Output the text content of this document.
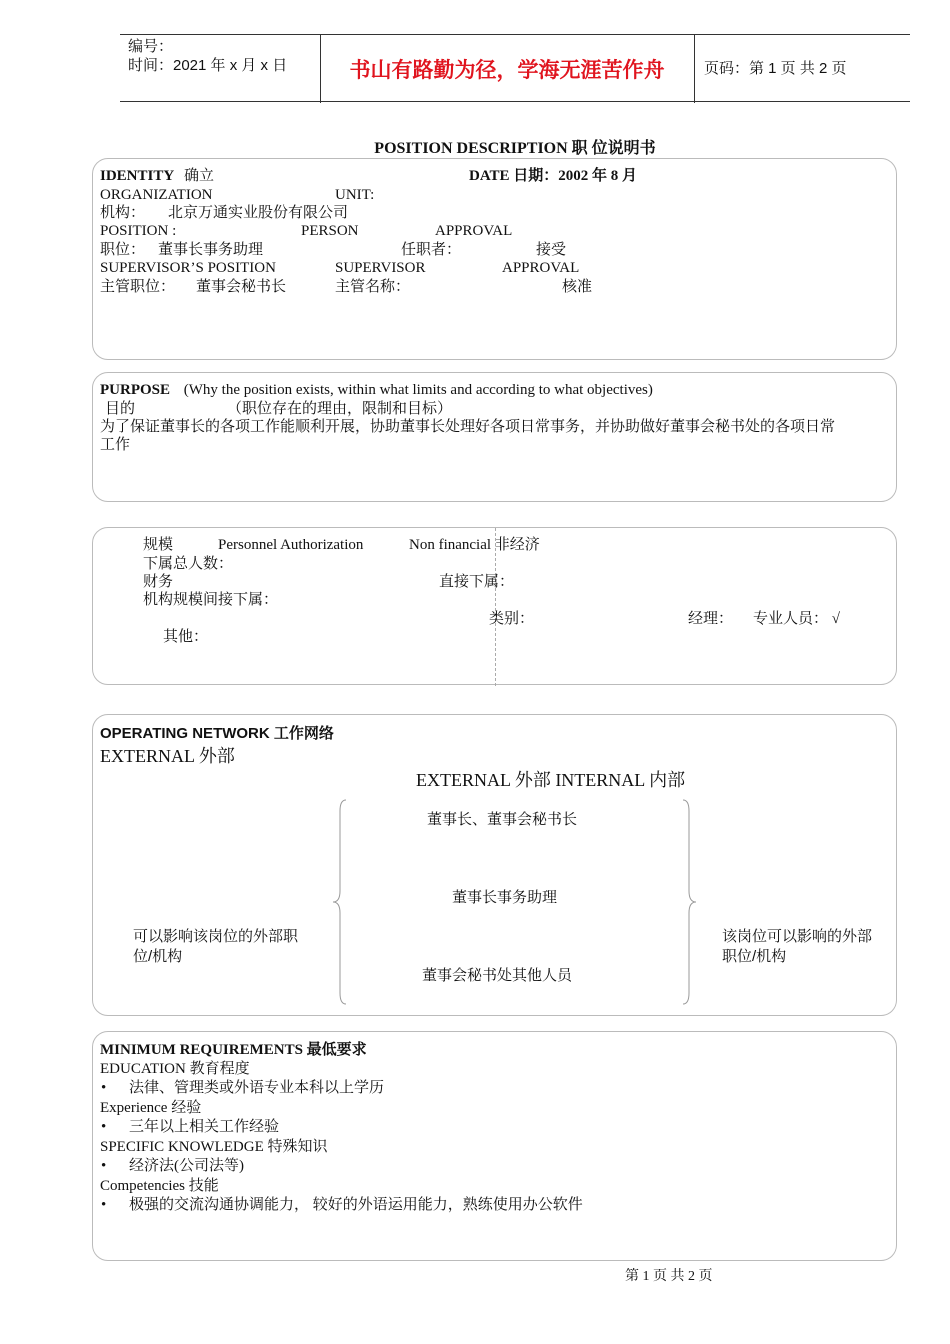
编号：
时间：2021 年 x 月 x 日	书山有路勤为径，学海无涯苦作舟	页码：第 1 页 共 2 页
POSITION DESCRIPTION 职 位说明书
IDENTITY 确立	DATE 日期：2002 年 8 月
ORGANIZATION	UNIT:
机构： 北京万通实业股份有限公司
POSITION :	PERSON	APPROVAL
职位： 董事长事务助理	任职者：	接受
SUPERVISOR’S POSITION	SUPERVISOR	APPROVAL
主管职位： 董事会秘书长	主管名称：	核准
PURPOSE (Why the position exists, within what limits and according to what objectives)
目的	（职位存在的理由，限制和目标）
为了保证董事长的各项工作能顺利开展，协助董事长处理好各项日常事务，并协助做好董事会秘书处的各项日常
工作
规模	Personnel Authorization	Non financial 非经济
下属总人数：
财务	直接下属：
机构规模间接下属：
类别：	经理： 专业人员： √
其他：
OPERATING NETWORK 工作网络
EXTERNAL 外部
EXTERNAL 外部 INTERNAL 内部
董事长、董事会秘书长
董事长事务助理
董事会秘书处其他人员
可以影响该岗位的外部职位/机构
该岗位可以影响的外部职位/机构
MINIMUM REQUIREMENTS 最低要求
EDUCATION 教育程度
• 法律、管理类或外语专业本科以上学历
Experience 经验
• 三年以上相关工作经验
SPECIFIC KNOWLEDGE 特殊知识
• 经济法(公司法等)
Competencies 技能
• 极强的交流沟通协调能力， 较好的外语运用能力，熟练使用办公软件
第 1 页 共 2 页
